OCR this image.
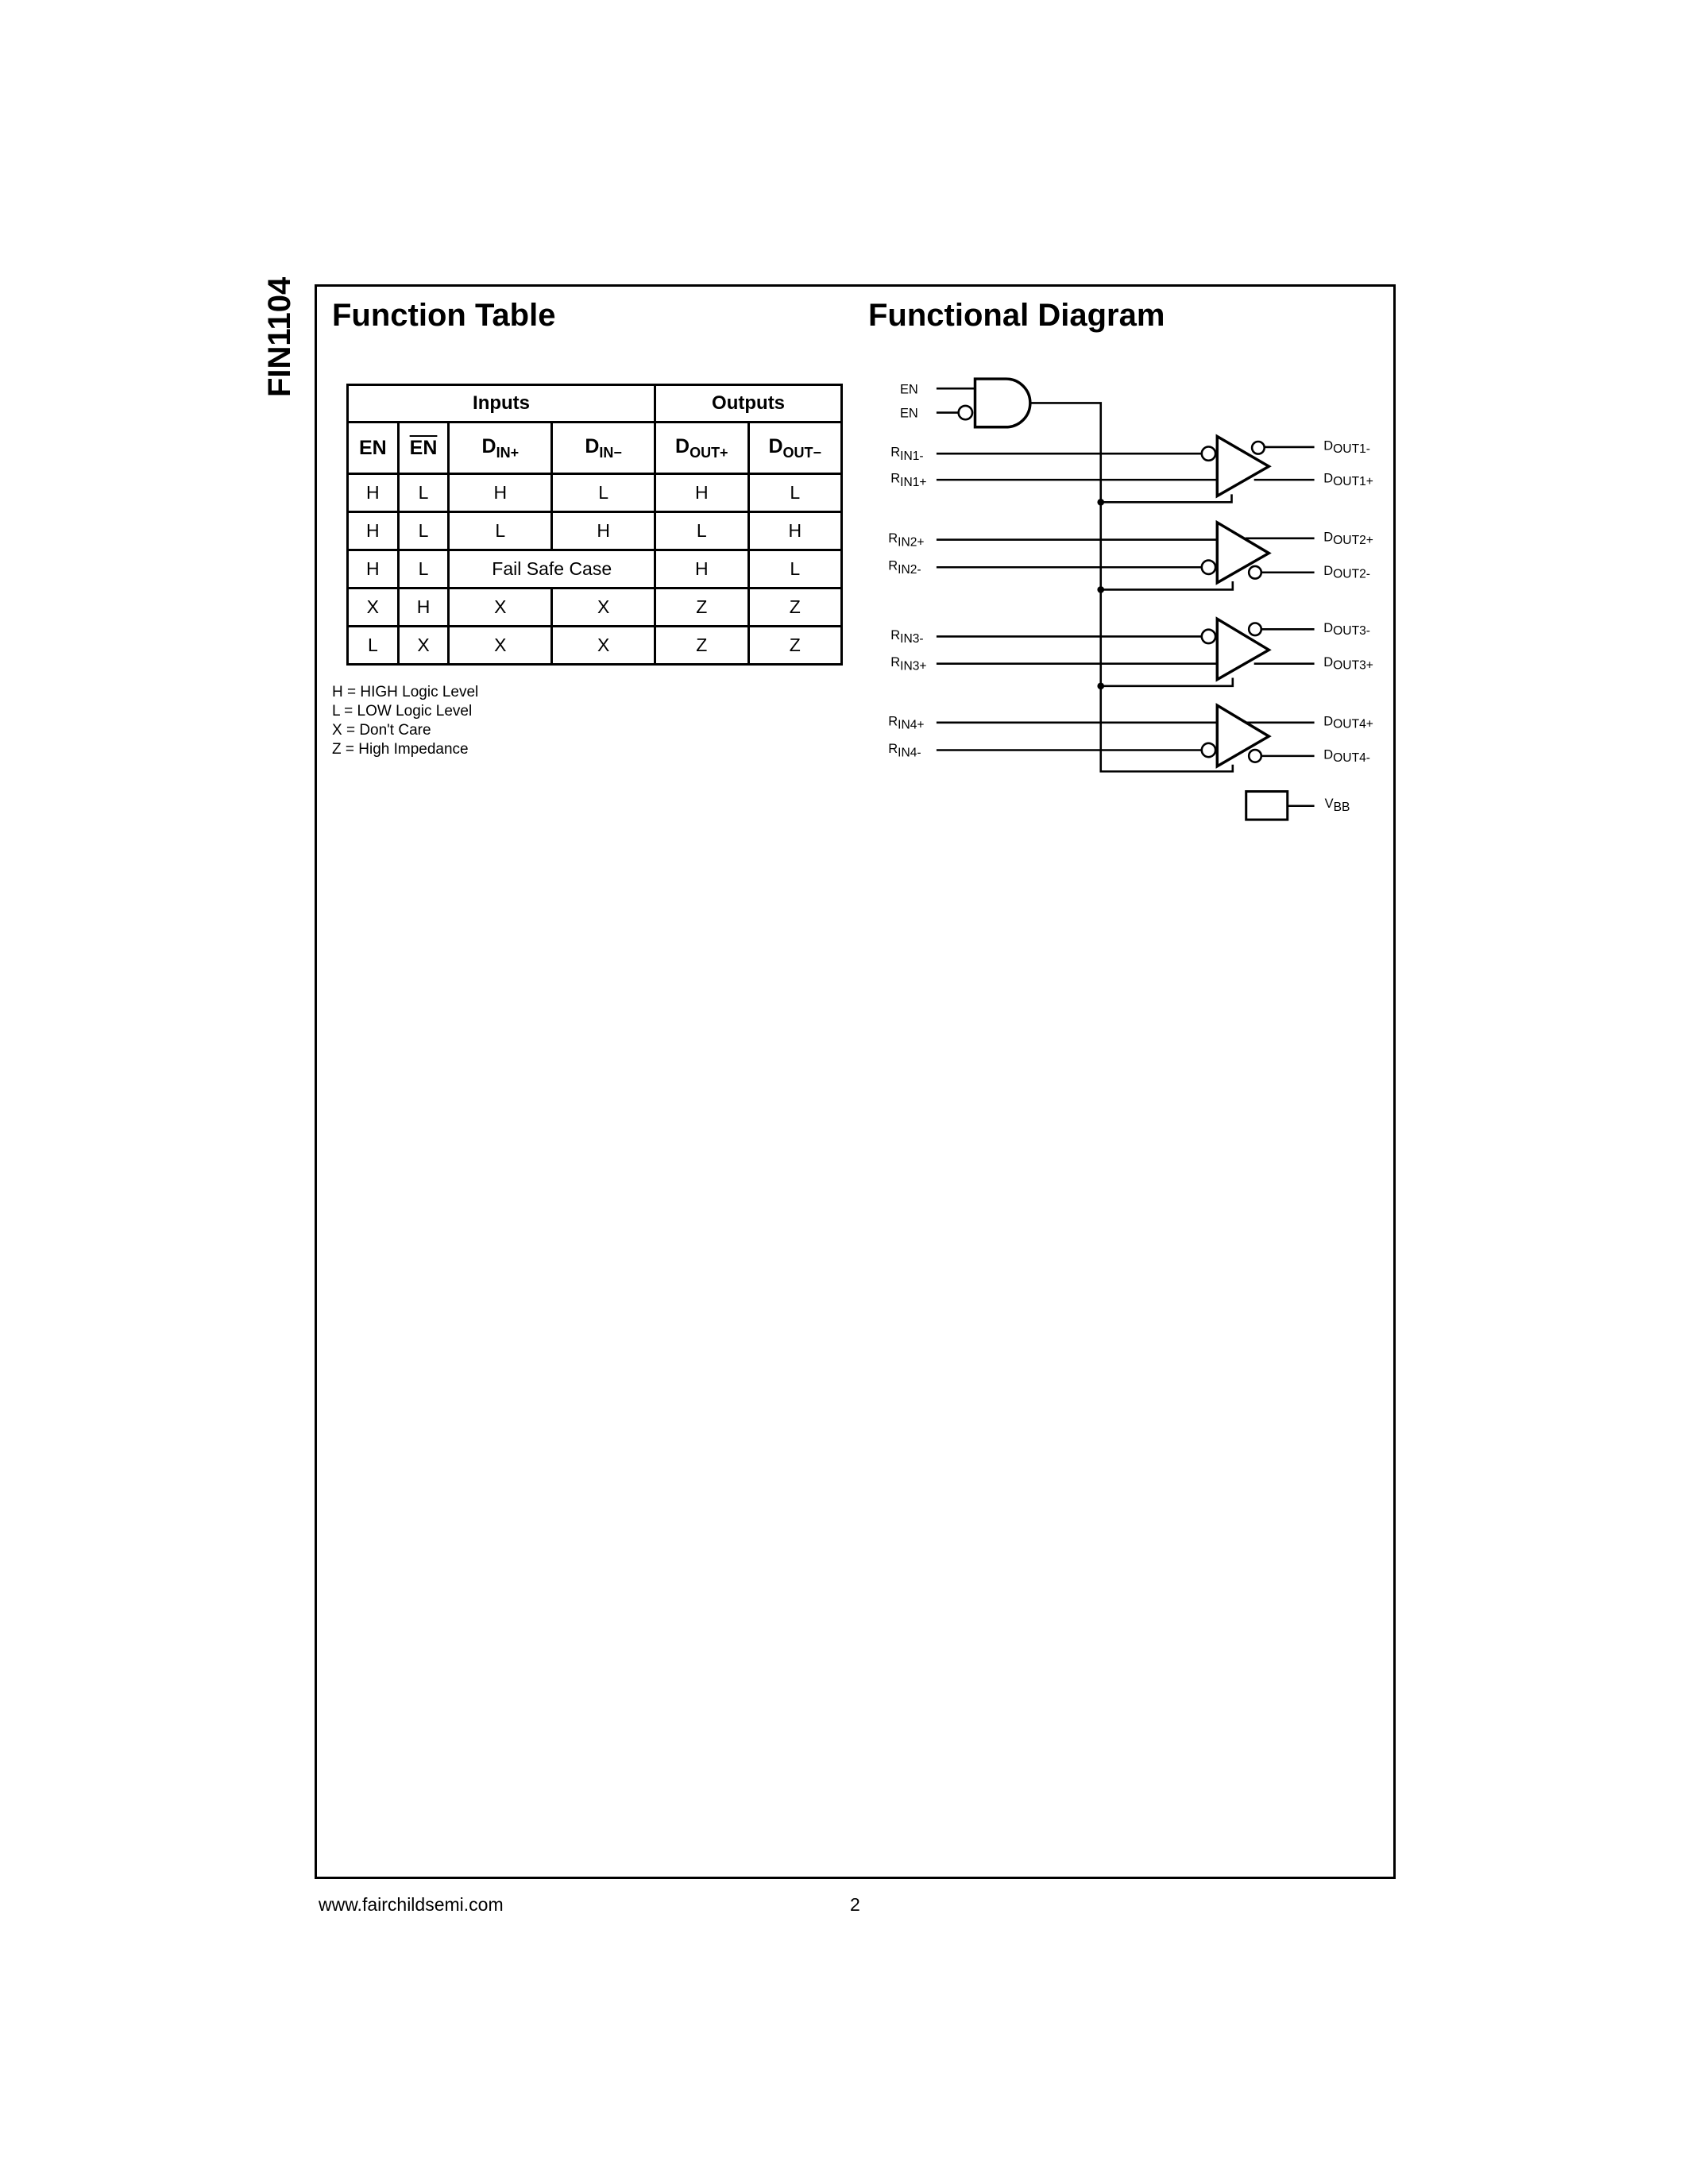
FIN1104 Function Table
Inputs				Outputs	
EN	$\overline{EN}$	$D_{IN+}$	$D_{IN-}$	$D_{OUT+}$	$D_{OUT-}$
H	L	H	L	H	L
H	L	L	H	L	H
H	L	Fail Safe Case		H	L
X	H	X	X	Z	Z
L	X	X	X	Z	Z
H = HIGH Logic Level
L = LOW Logic Level
X = Don't Care
Z = High Impedance
Functional Diagram
EN
EN
RIN1-
RIN1+
RIN2+
RIN2-
RIN3-
RIN3+
RIN4+
RIN4-
DOUT1-
DOUT1+
DOUT2+
DOUT2-
DOUT3-
DOUT3+
DOUT4+
DOUT4-
VBB
www.fairchildsemi.com	2
